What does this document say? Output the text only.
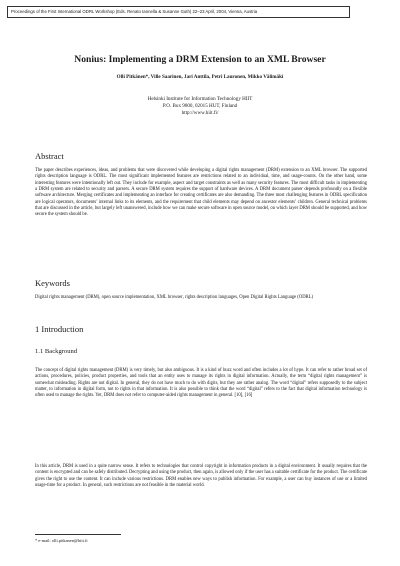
Proceedings of the First International ODRL Workshop (Eds. Renato Iannella & Susanne Guth) 22–23 April, 2004, Vienna, Austria
Nonius: Implementing a DRM Extension to an XML Browser
Olli Pitkänen*, Ville Saarinen, Jari Anttila, Petri Lauronen, Mikko Välimäki
Helsinki Institute for Information Technology HIIT
P.O. Box 9800, 02015 HUT, Finland
http://www.hiit.fi/
Abstract

The paper describes experiences, ideas, and problems that were discovered while developing a digital rights management (DRM) extension to an XML browser. The supported rights description language is ODRL. The most significant implemented features are restrictions related to an individual, time, and usage-counts. On the other hand, some interesting features were intentionally left out. They include for example, aspect and target constraints as well as many security features. The most difficult tasks in implementing a DRM system are related to security and parsers. A secure DRM system requires the support of hardware devices. A DRM document parser depends profoundly on a flexible software architecture. Merging certificates and implementing an interface for creating certificates are also demanding. The three most challenging features in ODRL specification are logical operators, documents’ internal links to its elements, and the requirement that child elements may depend on ancestor elements’ children. General technical problems that are discussed in the article, but largely left unanswered, include how we can make secure software in open source model, on which layer DRM should be supported, and how secure the system should be.

Keywords

Digital rights management (DRM), open source implementation, XML browser, rights description languages, Open Digital Rights Language (ODRL)

1 Introduction
1.1 Background

The concept of digital rights management (DRM) is very timely, but also ambiguous. It is a kind of buzz word and often includes a lot of hype. It can refer to rather broad set of actions, procedures, policies, product properties, and tools that an entity uses to manage its rights in digital information. Actually, the term “digital rights management” is somewhat misleading. Rights are not digital. In general, they do not have much to do with digits, but they are rather analog. The word “digital” refers supposedly to the subject matter, to information in digital form, not to rights in that information. It is also possible to think that the word “digital” refers to the fact that digital information technology is often used to manage the rights. Yet, DRM does not refer to computer-aided rights management in general. [10], [16]

In this article, DRM is used in a quite narrow sense. It refers to technologies that control copyright in information products in a digital environment. It usually requires that the content is encrypted and can be safely distributed. Decrypting and using the product, then again, is allowed only if the user has a suitable certificate for the product. The certificate gives the right to use the content. It can include various restrictions. DRM enables new ways to publish information. For example, a user can buy instances of use or a limited usage-time for a product. In general, such restrictions are not feasible in the material world.

* e-mail: olli.pitkanen@hiit.fi
